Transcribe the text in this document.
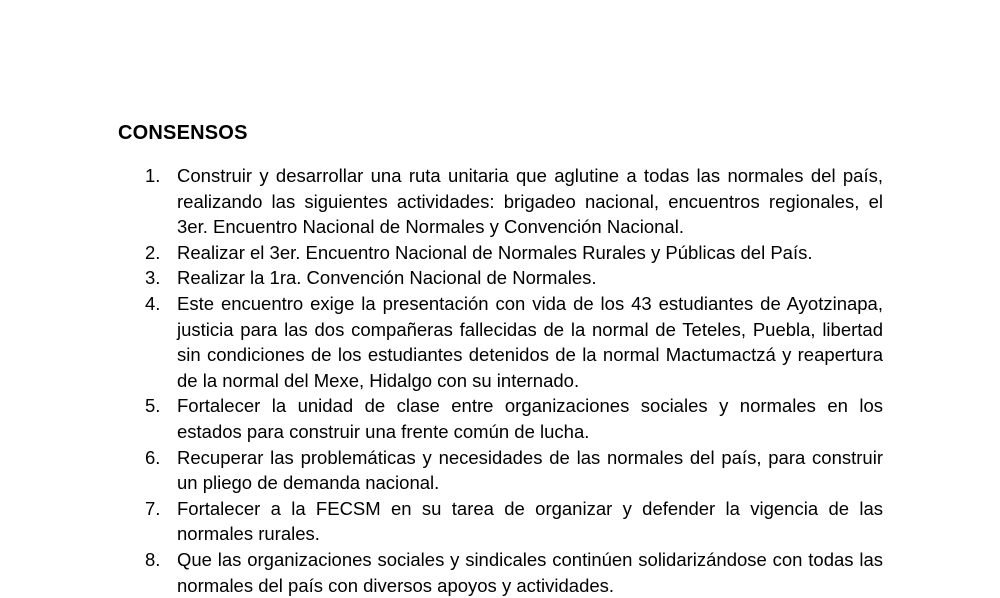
CONSENSOS
1. Construir y desarrollar una ruta unitaria que aglutine a todas las normales del país, realizando las siguientes actividades: brigadeo nacional, encuentros regionales, el 3er. Encuentro Nacional de Normales y Convención Nacional.
2. Realizar el 3er. Encuentro Nacional de Normales Rurales y Públicas del País.
3. Realizar la 1ra. Convención Nacional de Normales.
4. Este encuentro exige la presentación con vida de los 43 estudiantes de Ayotzinapa, justicia para las dos compañeras fallecidas de la normal de Teteles, Puebla, libertad sin condiciones de los estudiantes detenidos de la normal Mactumactzá y reapertura de la normal del Mexe, Hidalgo con su internado.
5. Fortalecer la unidad de clase entre organizaciones sociales y normales en los estados para construir una frente común de lucha.
6. Recuperar las problemáticas y necesidades de las normales del país, para construir un pliego de demanda nacional.
7. Fortalecer a la FECSM en su tarea de organizar y defender la vigencia de las normales rurales.
8. Que las organizaciones sociales y sindicales continúen solidarizándose con todas las normales del país con diversos apoyos y actividades.
